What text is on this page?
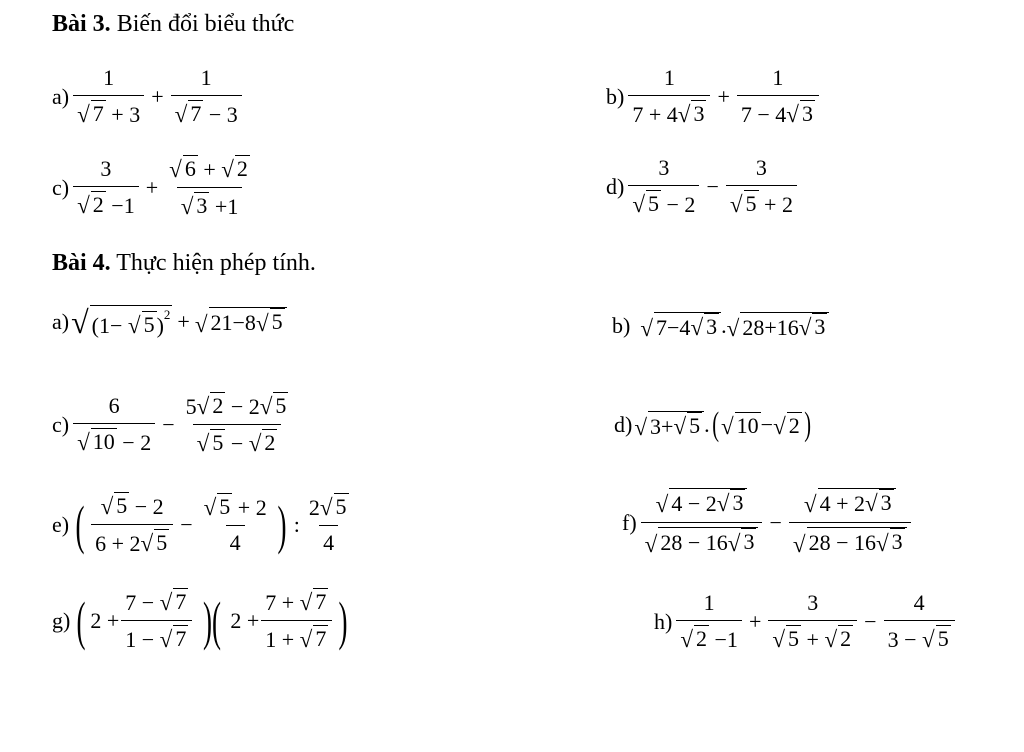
Bài 3. Biến đổi biểu thức
$a) \frac{1}{√ 7 + 3} + \frac{1}{√ 7 - 3}$	$b) \frac{1}{7 + 4 √ 3} + \frac{1}{7 - 4 √ 3}$
$c) \frac{3}{√ 2 -1} + \frac{√ 6 + √ 2}{√ 3 +1}$	$d) \frac{3}{√ 5 - 2} - \frac{3}{√ 5 + 2}$
Bài 4. Thực hiện phép tính.
a) √ (1− √ 5 )$^2$ + √ 21−8 √ 5	b) √ 7−4 √ 3 . √ 28+16 √ 3
$c) \frac{6}{√ 10 - 2} - \frac{5 √ 2 - 2 √ 5}{√ 5 - √ 2}$	d) √ 3+ √ 5 . ( √ 10 − √ 2 )
e) ( $\frac{√ 5 - 2}{6 + 2 √ 5} - \frac{√ 5 + 2}{4}$ ) : $\frac{2 √ 5}{4}$	$f) \frac{√ 4 - 2 √ 3}{√ 28 - 16 √ 3} - \frac{√ 4 + 2 √ 3}{√ 28 - 16 √ 3}$
g) ( $2 + \frac{7 - √ 7}{1 - √ 7}$ )( $2 + \frac{7 + √ 7}{1 + √ 7}$ )	$h) \frac{1}{√ 2 -1} + \frac{3}{√ 5 + √ 2} - \frac{4}{3 - √ 5}$
